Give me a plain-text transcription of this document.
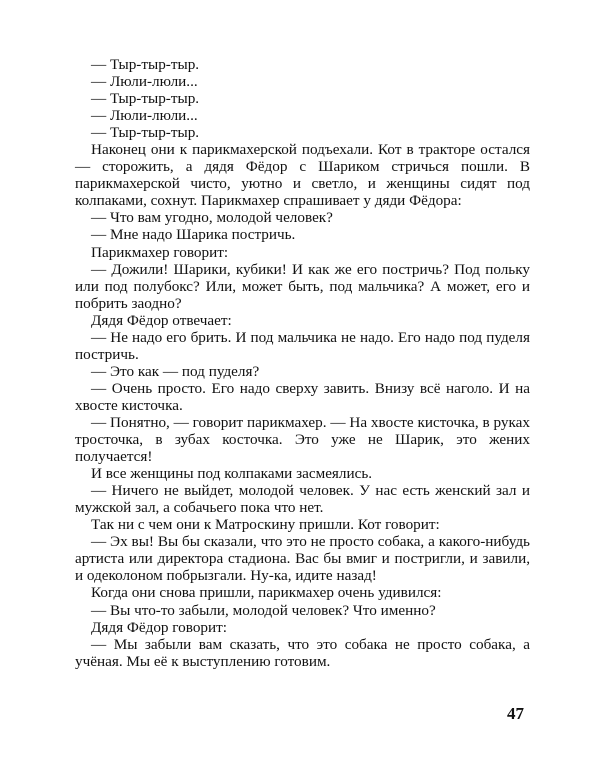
— Тыр-тыр-тыр.

— Люли-люли...

— Тыр-тыр-тыр.

— Люли-люли...

— Тыр-тыр-тыр.

Наконец они к парикмахерской подъехали. Кот в тракторе остался — сторожить, а дядя Фёдор с Шариком стричься пошли. В парикмахерской чисто, уютно и светло, и женщины сидят под колпаками, сохнут. Парикмахер спрашивает у дяди Фёдора:

— Что вам угодно, молодой человек?

— Мне надо Шарика постричь.

Парикмахер говорит:

— Дожили! Шарики, кубики! И как же его постричь? Под польку или под полубокс? Или, может быть, под мальчика? А может, его и побрить заодно?

Дядя Фёдор отвечает:

— Не надо его брить. И под мальчика не надо. Его надо под пуделя постричь.

— Это как — под пуделя?

— Очень просто. Его надо сверху завить. Внизу всё наголо. И на хвосте кисточка.

— Понятно, — говорит парикмахер. — На хвосте кисточка, в руках тросточка, в зубах косточка. Это уже не Шарик, это жених получается!

И все женщины под колпаками засмеялись.

— Ничего не выйдет, молодой человек. У нас есть женский зал и мужской зал, а собачьего пока что нет.

Так ни с чем они к Матроскину пришли. Кот говорит:

— Эх вы! Вы бы сказали, что это не просто собака, а какого-нибудь артиста или директора стадиона. Вас бы вмиг и постригли, и завили, и одеколоном побрызгали. Ну-ка, идите назад!

Когда они снова пришли, парикмахер очень удивился:

— Вы что-то забыли, молодой человек? Что именно?

Дядя Фёдор говорит:

— Мы забыли вам сказать, что это собака не просто собака, а учёная. Мы её к выступлению готовим.

47
